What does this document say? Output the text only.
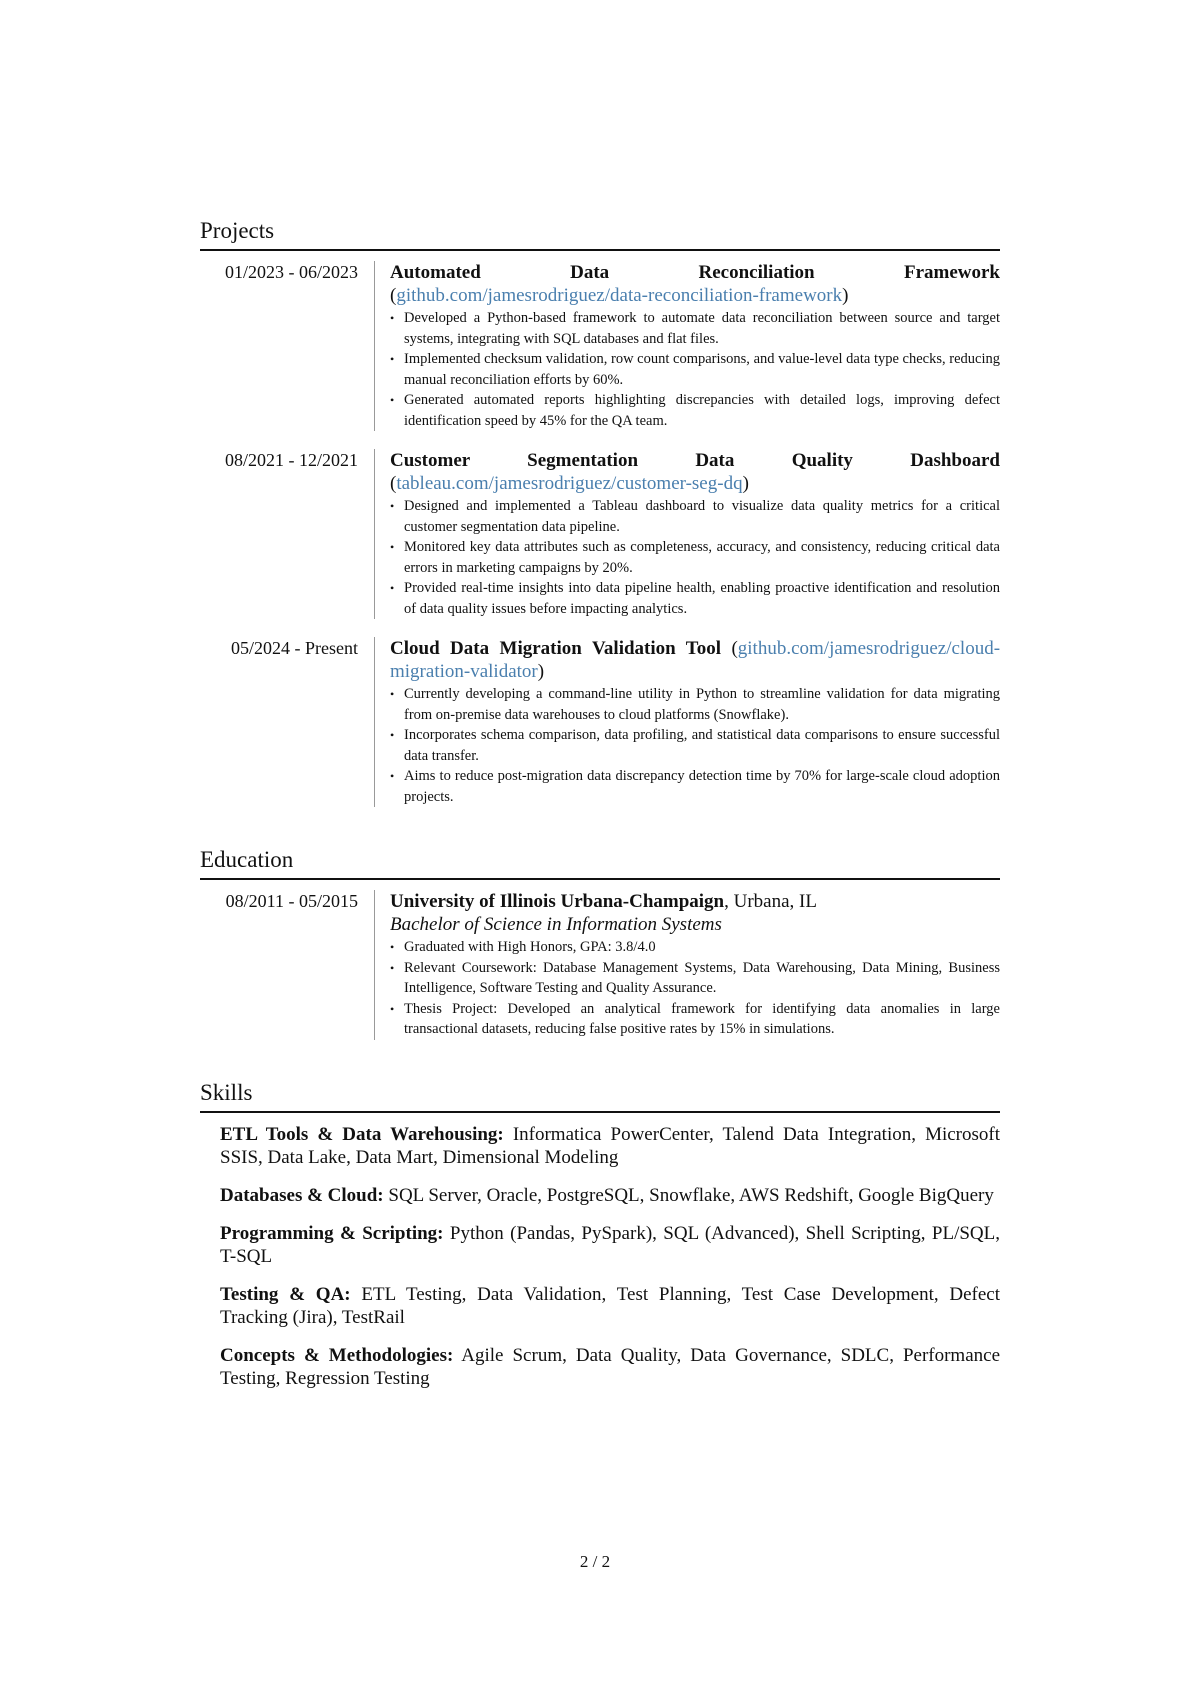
Projects
01/2023 - 06/2023	Automated Data Reconciliation Framework (github.com/jamesrodriguez/data-reconciliation-framework)
• Developed a Python-based framework to automate data reconciliation between source and target systems, integrating with SQL databases and flat files.
• Implemented checksum validation, row count comparisons, and value-level data type checks, reducing manual reconciliation efforts by 60%.
• Generated automated reports highlighting discrepancies with detailed logs, improving defect identification speed by 45% for the QA team.
08/2021 - 12/2021	Customer Segmentation Data Quality Dashboard (tableau.com/jamesrodriguez/customer-seg-dq)
• Designed and implemented a Tableau dashboard to visualize data quality metrics for a critical customer segmentation data pipeline.
• Monitored key data attributes such as completeness, accuracy, and consistency, reducing critical data errors in marketing campaigns by 20%.
• Provided real-time insights into data pipeline health, enabling proactive identification and resolution of data quality issues before impacting analytics.
05/2024 - Present	Cloud Data Migration Validation Tool (github.com/jamesrodriguez/cloud-migration-validator)
• Currently developing a command-line utility in Python to streamline validation for data migrating from on-premise data warehouses to cloud platforms (Snowflake).
• Incorporates schema comparison, data profiling, and statistical data comparisons to ensure successful data transfer.
• Aims to reduce post-migration data discrepancy detection time by 70% for large-scale cloud adoption projects.
Education
08/2011 - 05/2015	University of Illinois Urbana-Champaign, Urbana, IL
Bachelor of Science in Information Systems
• Graduated with High Honors, GPA: 3.8/4.0
• Relevant Coursework: Database Management Systems, Data Warehousing, Data Mining, Business Intelligence, Software Testing and Quality Assurance.
• Thesis Project: Developed an analytical framework for identifying data anomalies in large transactional datasets, reducing false positive rates by 15% in simulations.
Skills
ETL Tools & Data Warehousing: Informatica PowerCenter, Talend Data Integration, Microsoft SSIS, Data Lake, Data Mart, Dimensional Modeling
Databases & Cloud: SQL Server, Oracle, PostgreSQL, Snowflake, AWS Redshift, Google BigQuery
Programming & Scripting: Python (Pandas, PySpark), SQL (Advanced), Shell Scripting, PL/SQL, T-SQL
Testing & QA: ETL Testing, Data Validation, Test Planning, Test Case Development, Defect Tracking (Jira), TestRail
Concepts & Methodologies: Agile Scrum, Data Quality, Data Governance, SDLC, Performance Testing, Regression Testing
2 / 2
